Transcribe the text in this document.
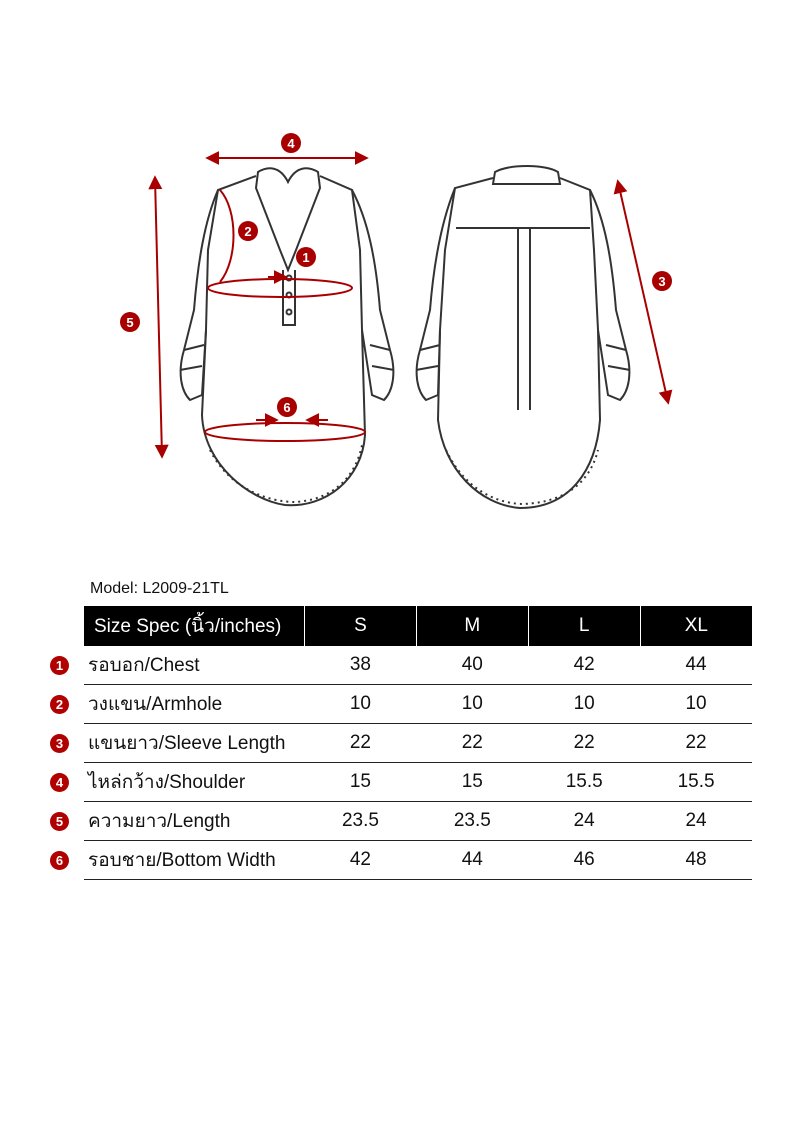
4
2
1
3
5
6
Model: L2009-21TL
	Size Spec (นิ้ว/inches)	S	M	L	XL
1	รอบอก/Chest	38	40	42	44
2	วงแขน/Armhole	10	10	10	10
3	แขนยาว/Sleeve Length	22	22	22	22
4	ไหล่กว้าง/Shoulder	15	15	15.5	15.5
5	ความยาว/Length	23.5	23.5	24	24
6	รอบชาย/Bottom Width	42	44	46	48
